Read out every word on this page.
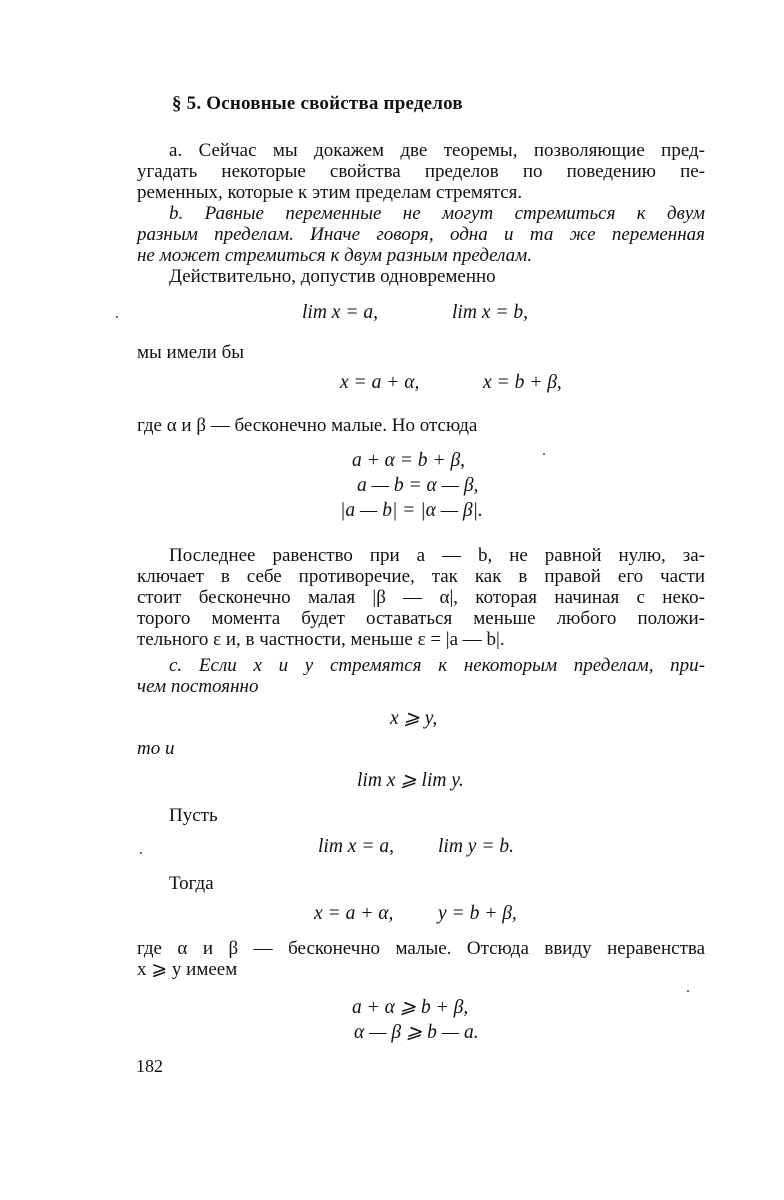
§ 5. Основные свойства пределов
a. Сейчас мы докажем две теоремы, позволяющие пред-
угадать некоторые свойства пределов по поведению пе-
ременных, которые к этим пределам стремятся.
b. Равные переменные не могут стремиться к двум
разным пределам. Иначе говоря, одна и та же переменная
не может стремиться к двум разным пределам.
Действительно, допустив одновременно
lim x = a,	lim x = b,
мы имели бы
x = a + α,	x = b + β,
где α и β — бесконечно малые. Но отсюда
a + α = b + β,
a — b = α — β,
|a — b| = |α — β|.
Последнее равенство при a — b, не равной нулю, за-
ключает в себе противоречие, так как в правой его части
стоит бесконечно малая |β — α|, которая начиная с неко-
торого момента будет оставаться меньше любого положи-
тельного ε и, в частности, меньше ε = |a — b|.
c. Если x и y стремятся к некоторым пределам, при-
чем постоянно
x ⩾ y,
то и
lim x ⩾ lim y.
Пусть
lim x = a, lim y = b.
Тогда
x = a + α, y = b + β,
где α и β — бесконечно малые. Отсюда ввиду неравенства
x ⩾ y имеем
a + α ⩾ b + β,
α — β ⩾ b — a.
182
